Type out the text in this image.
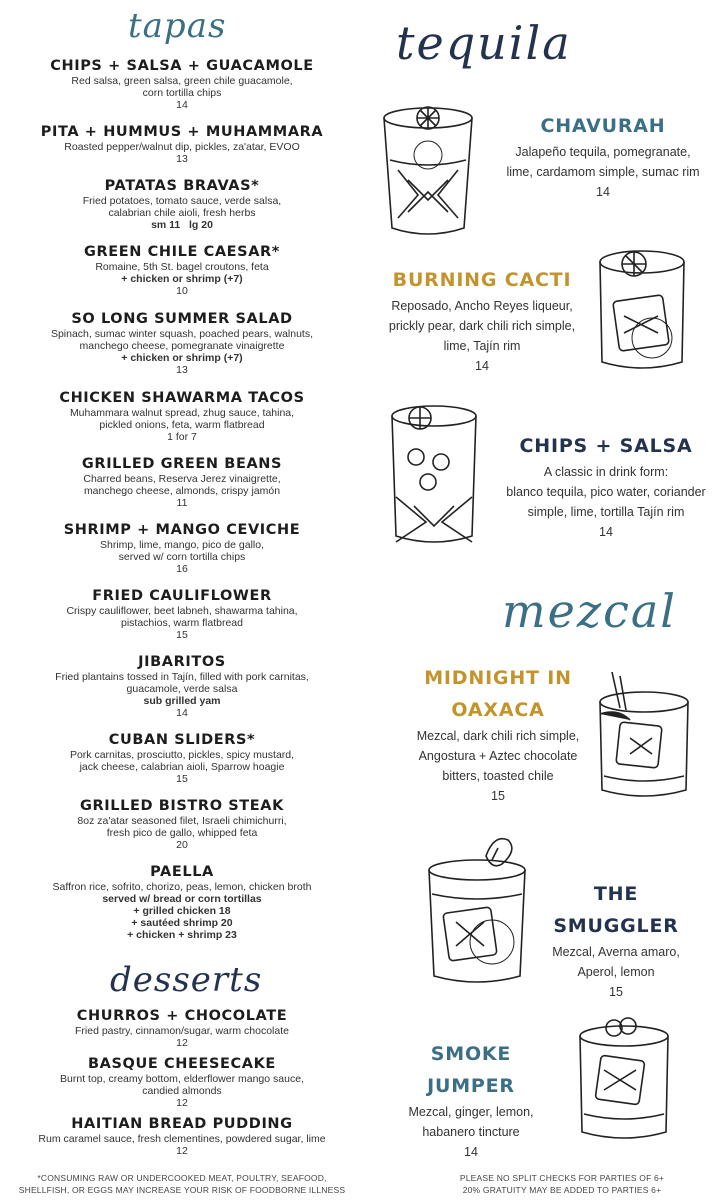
tapas
CHIPS + SALSA + GUACAMOLE
Red salsa, green salsa, green chile guacamole,
corn tortilla chips
14
PITA + HUMMUS + MUHAMMARA
Roasted pepper/walnut dip, pickles, za'atar, EVOO
13
PATATAS BRAVAS*
Fried potatoes, tomato sauce, verde salsa,
calabrian chile aioli, fresh herbs
sm 11   lg 20
GREEN CHILE CAESAR*
Romaine, 5th St. bagel croutons, feta
+ chicken or shrimp (+7)
10
SO LONG SUMMER SALAD
Spinach, sumac winter squash, poached pears, walnuts,
manchego cheese, pomegranate vinaigrette
+ chicken or shrimp (+7)
13
CHICKEN SHAWARMA TACOS
Muhammara walnut spread, zhug sauce, tahina,
pickled onions, feta, warm flatbread
1 for 7
GRILLED GREEN BEANS
Charred beans, Reserva Jerez vinaigrette,
manchego cheese, almonds, crispy jamón
11
SHRIMP + MANGO CEVICHE
Shrimp, lime, mango, pico de gallo,
served w/ corn tortilla chips
16
FRIED CAULIFLOWER
Crispy cauliflower, beet labneh, shawarma tahina,
pistachios, warm flatbread
15
JIBARITOS
Fried plantains tossed in Tajín, filled with pork carnitas,
guacamole, verde salsa
sub grilled yam
14
CUBAN SLIDERS*
Pork carnitas, prosciutto, pickles, spicy mustard,
jack cheese, calabrian aioli, Sparrow hoagie
15
GRILLED BISTRO STEAK
8oz za'atar seasoned filet, Israeli chimichurri,
fresh pico de gallo, whipped feta
20
PAELLA
Saffron rice, sofrito, chorizo, peas, lemon, chicken broth
served w/ bread or corn tortillas
+ grilled chicken 18
+ sautéed shrimp 20
+ chicken + shrimp 23
desserts
CHURROS + CHOCOLATE
Fried pastry, cinnamon/sugar, warm chocolate
12
BASQUE CHEESECAKE
Burnt top, creamy bottom, elderflower mango sauce,
candied almonds
12
HAITIAN BREAD PUDDING
Rum caramel sauce, fresh clementines, powdered sugar, lime
12
*CONSUMING RAW OR UNDERCOOKED MEAT, POULTRY, SEAFOOD,
SHELLFISH, OR EGGS MAY INCREASE YOUR RISK OF FOODBORNE ILLNESS
tequila
CHAVURAH
Jalapeño tequila, pomegranate,
lime, cardamom simple, sumac rim
14
BURNING CACTI
Reposado, Ancho Reyes liqueur,
prickly pear, dark chili rich simple,
lime, Tajín rim
14
CHIPS + SALSA
A classic in drink form:
blanco tequila, pico water, coriander
simple, lime, tortilla Tajín rim
14
mezcal
MIDNIGHT IN
OAXACA
Mezcal, dark chili rich simple,
Angostura + Aztec chocolate
bitters, toasted chile
15
THE SMUGGLER
Mezcal, Averna amaro,
Aperol, lemon
15
SMOKE JUMPER
Mezcal, ginger, lemon,
habanero tincture
14
PLEASE NO SPLIT CHECKS FOR PARTIES OF 6+
20% GRATUITY MAY BE ADDED TO PARTIES 6+
